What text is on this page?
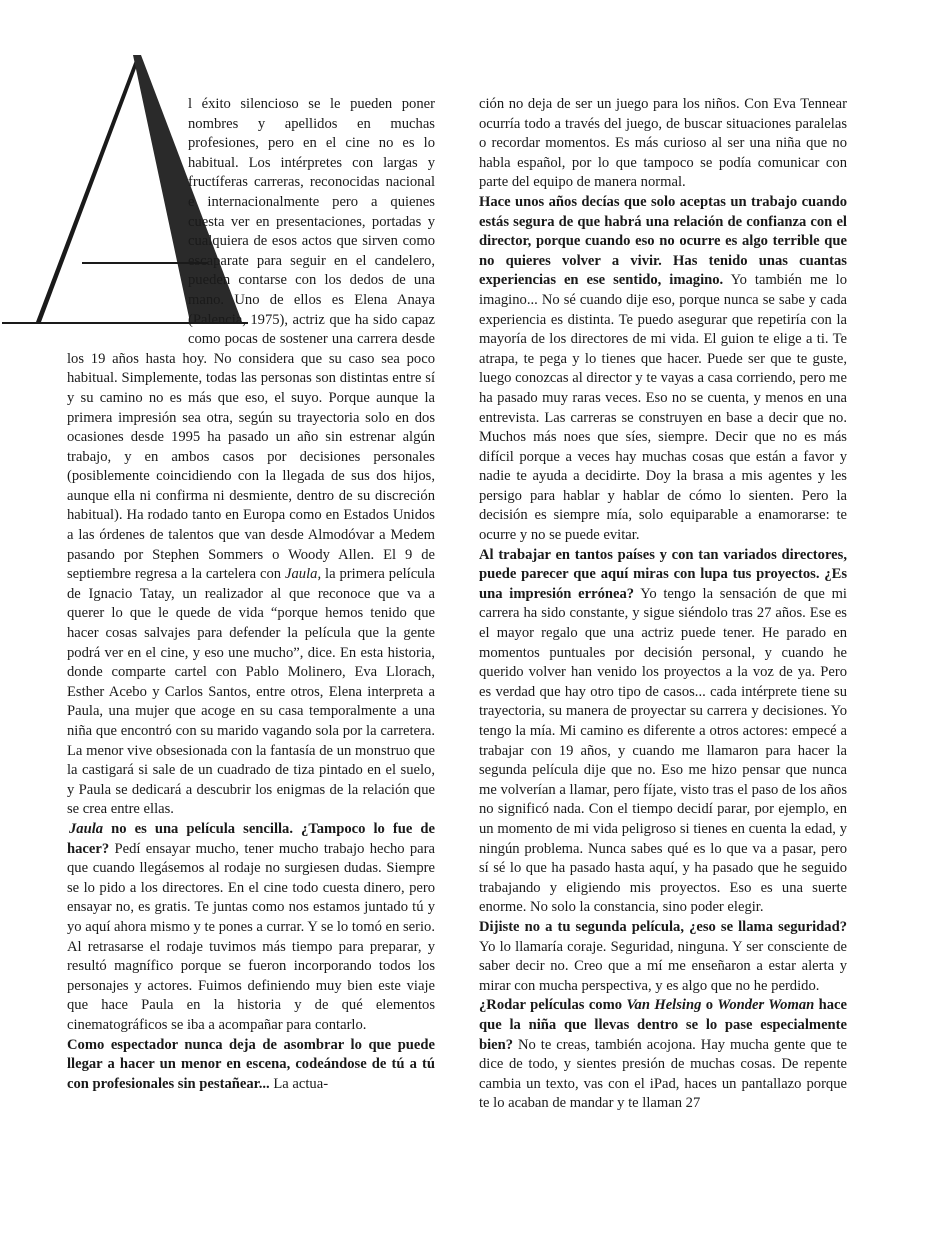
l éxito silencioso se le pueden poner nombres y apellidos en muchas profesiones, pero en el cine no es lo habitual. Los intérpretes con largas y fructíferas carreras, reconocidas nacional e internacionalmente pero a quienes cuesta ver en presentaciones, portadas y cualquiera de esos actos que sirven como escaparate para seguir en el candelero, pueden contarse con los dedos de una mano. Uno de ellos es Elena Anaya (Palencia, 1975), actriz que ha sido capaz como pocas de sostener una carrera desde los 19 años hasta hoy. No considera que su caso sea poco habitual. Simplemente, todas las personas son distintas entre sí y su camino no es más que eso, el suyo. Porque aunque la primera impresión sea otra, según su trayectoria solo en dos ocasiones desde 1995 ha pasado un año sin estrenar algún trabajo, y en ambos casos por decisiones personales (posiblemente coincidiendo con la llegada de sus dos hijos, aunque ella ni confirma ni desmiente, dentro de su discreción habitual). Ha rodado tanto en Europa como en Estados Unidos a las órdenes de talentos que van desde Almodóvar a Medem pasando por Stephen Sommers o Woody Allen. El 9 de septiembre regresa a la cartelera con Jaula, la primera película de Ignacio Tatay, un realizador al que reconoce que va a querer lo que le quede de vida “porque hemos tenido que hacer cosas salvajes para defender la película que la gente podrá ver en el cine, y eso une mucho”, dice. En esta historia, donde comparte cartel con Pablo Molinero, Eva Llorach, Esther Acebo y Carlos Santos, entre otros, Elena interpreta a Paula, una mujer que acoge en su casa temporalmente a una niña que encontró con su marido vagando sola por la carretera. La menor vive obsesionada con la fantasía de un monstruo que la castigará si sale de un cuadrado de tiza pintado en el suelo, y Paula se dedicará a descubrir los enigmas de la relación que se crea entre ellas.

Jaula no es una película sencilla. ¿Tampoco lo fue de hacer? Pedí ensayar mucho, tener mucho trabajo hecho para que cuando llegásemos al rodaje no surgiesen dudas. Siempre se lo pido a los directores. En el cine todo cuesta dinero, pero ensayar no, es gratis. Te juntas como nos estamos juntado tú y yo aquí ahora mismo y te pones a currar. Y se lo tomó en serio. Al retrasarse el rodaje tuvimos más tiempo para preparar, y resultó magnífico porque se fueron incorporando todos los personajes y actores. Fuimos definiendo muy bien este viaje que hace Paula en la historia y de qué elementos cinematográficos se iba a acompañar para contarlo.

Como espectador nunca deja de asombrar lo que puede llegar a hacer un menor en escena, codeándose de tú a tú con profesionales sin pestañear... La actua-

ción no deja de ser un juego para los niños. Con Eva Tennear ocurría todo a través del juego, de buscar situaciones paralelas o recordar momentos. Es más curioso al ser una niña que no habla español, por lo que tampoco se podía comunicar con parte del equipo de manera normal.

Hace unos años decías que solo aceptas un trabajo cuando estás segura de que habrá una relación de confianza con el director, porque cuando eso no ocurre es algo terrible que no quieres volver a vivir. Has tenido unas cuantas experiencias en ese sentido, imagino. Yo también me lo imagino... No sé cuando dije eso, porque nunca se sabe y cada experiencia es distinta. Te puedo asegurar que repetiría con la mayoría de los directores de mi vida. El guion te elige a ti. Te atrapa, te pega y lo tienes que hacer. Puede ser que te guste, luego conozcas al director y te vayas a casa corriendo, pero me ha pasado muy raras veces. Eso no se cuenta, y menos en una entrevista. Las carreras se construyen en base a decir que no. Muchos más noes que síes, siempre. Decir que no es más difícil porque a veces hay muchas cosas que están a favor y nadie te ayuda a decidirte. Doy la brasa a mis agentes y les persigo para hablar y hablar de cómo lo sienten. Pero la decisión es siempre mía, solo equiparable a enamorarse: te ocurre y no se puede evitar.

Al trabajar en tantos países y con tan variados directores, puede parecer que aquí miras con lupa tus proyectos. ¿Es una impresión errónea? Yo tengo la sensación de que mi carrera ha sido constante, y sigue siéndolo tras 27 años. Ese es el mayor regalo que una actriz puede tener. He parado en momentos puntuales por decisión personal, y cuando he querido volver han venido los proyectos a la voz de ya. Pero es verdad que hay otro tipo de casos... cada intérprete tiene su trayectoria, su manera de proyectar su carrera y decisiones. Yo tengo la mía. Mi camino es diferente a otros actores: empecé a trabajar con 19 años, y cuando me llamaron para hacer la segunda película dije que no. Eso me hizo pensar que nunca me volverían a llamar, pero fíjate, visto tras el paso de los años no significó nada. Con el tiempo decidí parar, por ejemplo, en un momento de mi vida peligroso si tienes en cuenta la edad, y ningún problema. Nunca sabes qué es lo que va a pasar, pero sí sé lo que ha pasado hasta aquí, y ha pasado que he seguido trabajando y eligiendo mis proyectos. Eso es una suerte enorme. No solo la constancia, sino poder elegir.

Dijiste no a tu segunda película, ¿eso se llama seguridad? Yo lo llamaría coraje. Seguridad, ninguna. Y ser consciente de saber decir no. Creo que a mí me enseñaron a estar alerta y mirar con mucha perspectiva, y es algo que no he perdido.

¿Rodar películas como Van Helsing o Wonder Woman hace que la niña que llevas dentro se lo pase especialmente bien? No te creas, también acojona. Hay mucha gente que te dice de todo, y sientes presión de muchas cosas. De repente cambia un texto, vas con el iPad, haces un pantallazo porque te lo acaban de mandar y te llaman 27
